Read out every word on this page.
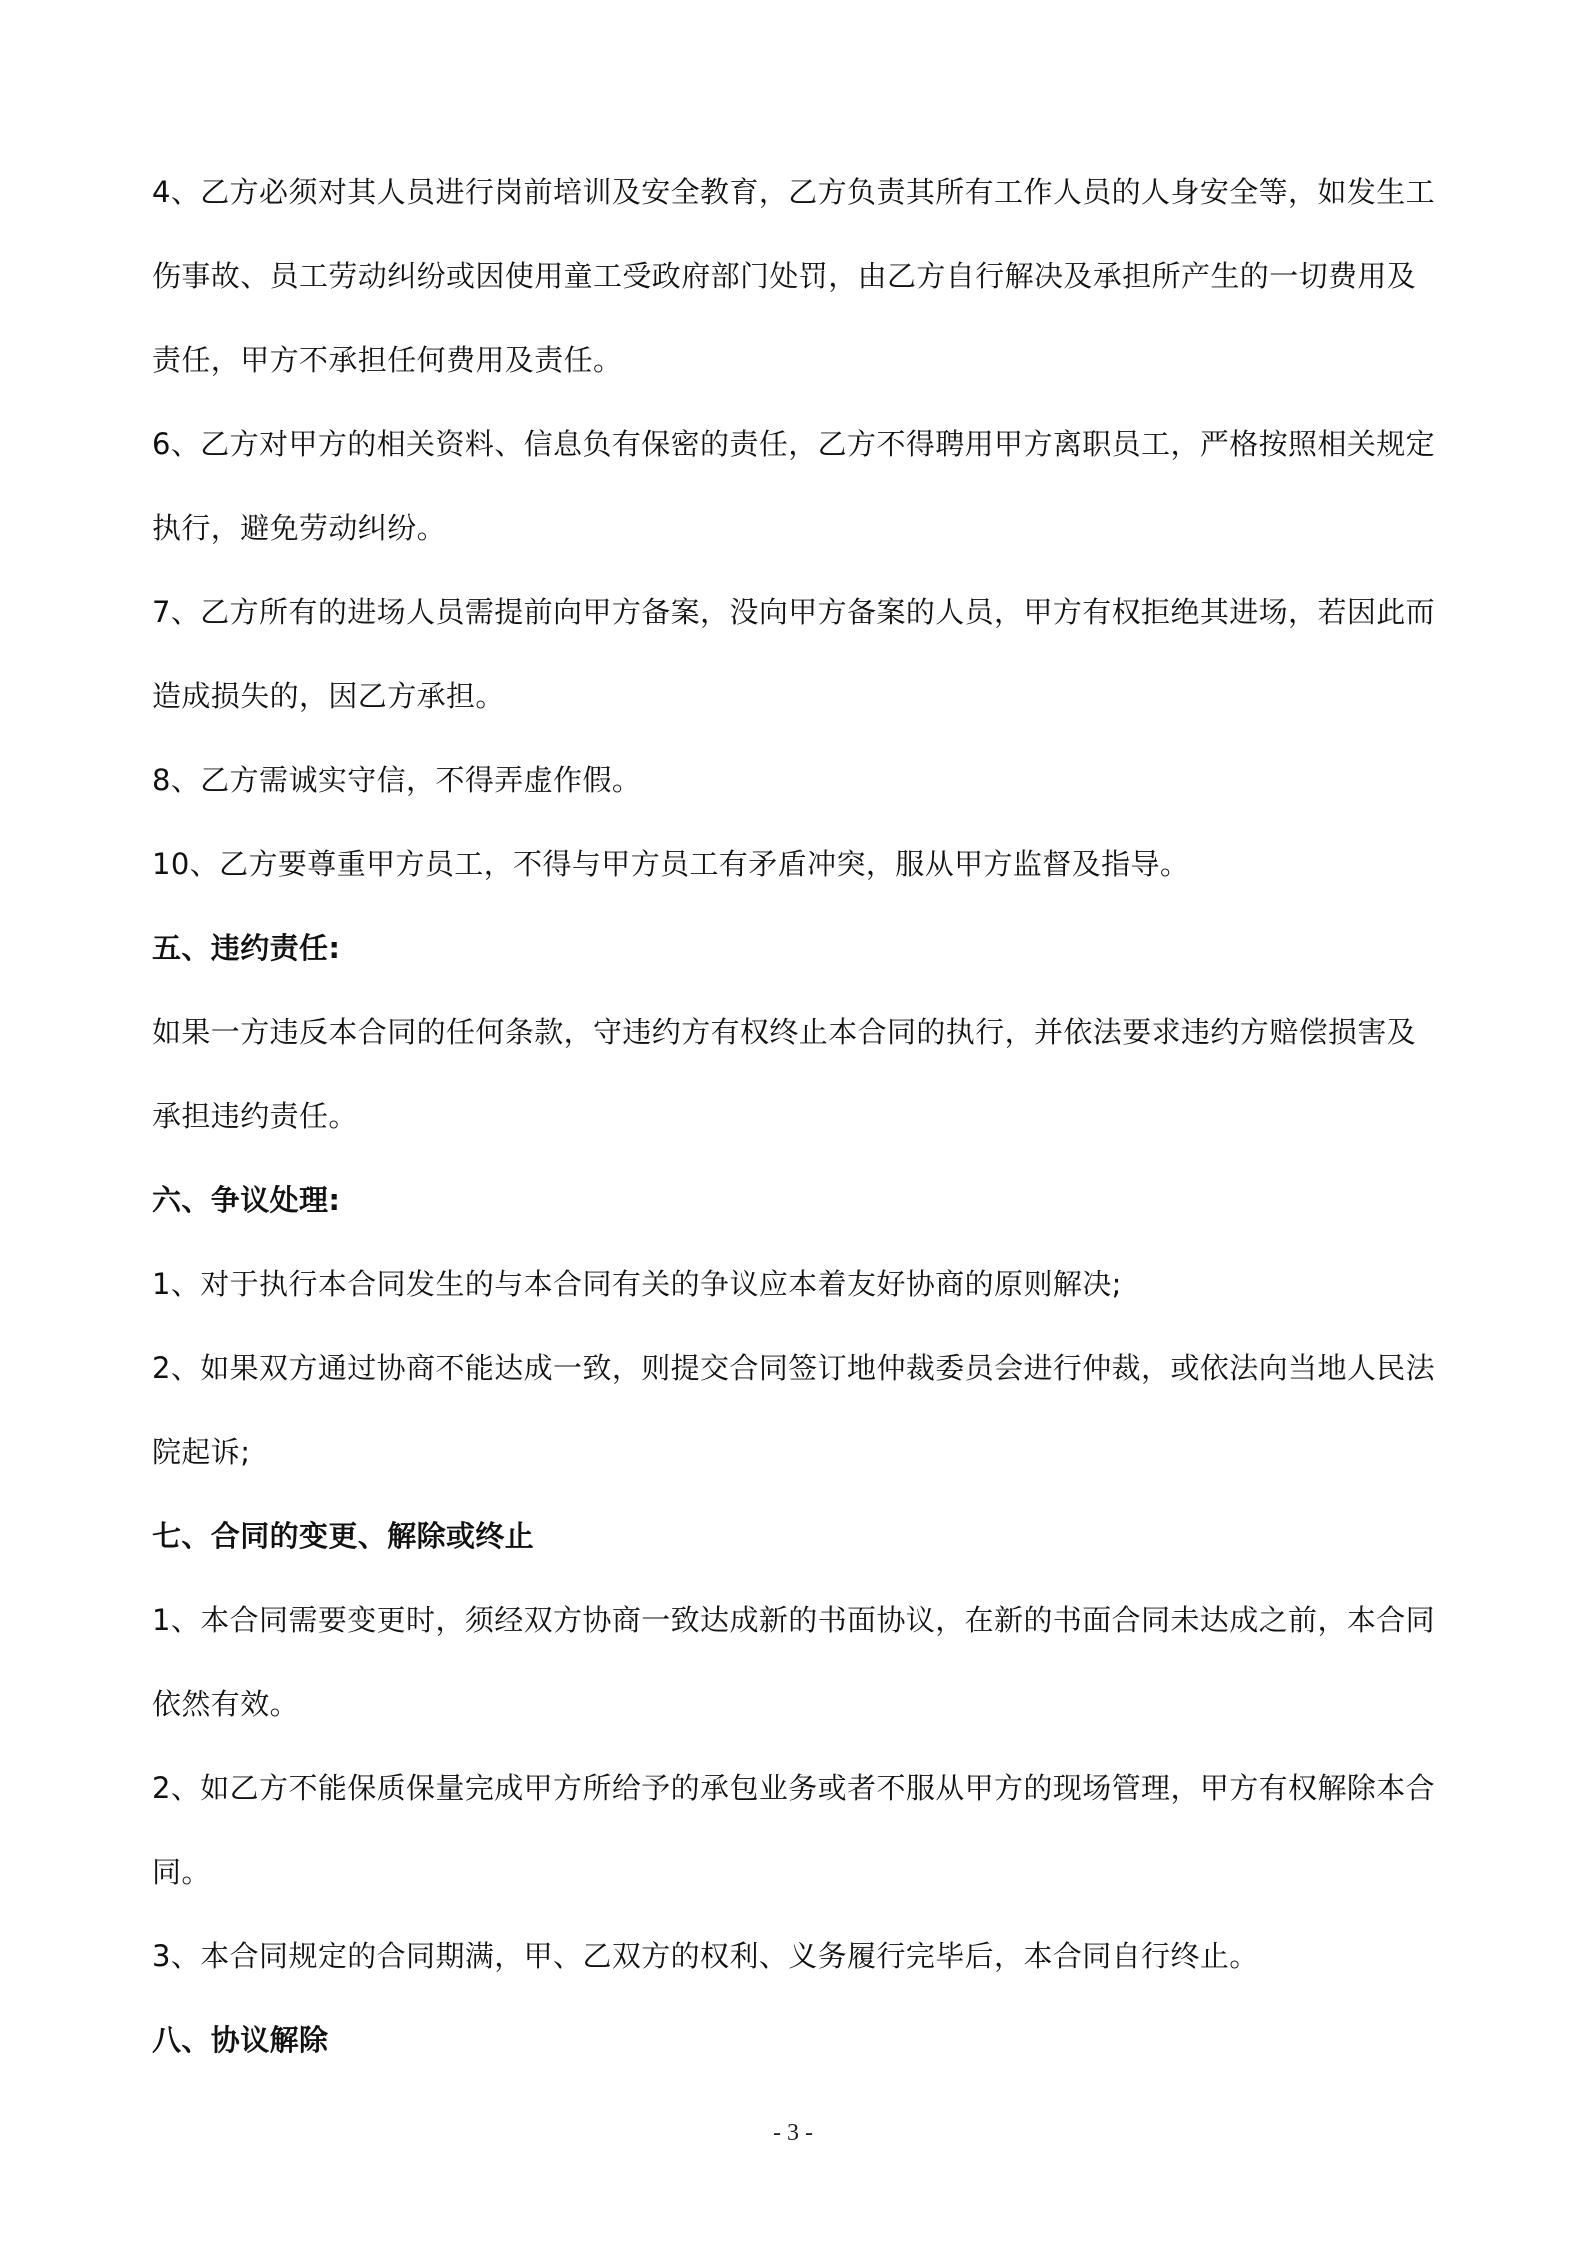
4、乙方必须对其人员进行岗前培训及安全教育，乙方负责其所有工作人员的人身安全等，如发生工伤事故、员工劳动纠纷或因使用童工受政府部门处罚，由乙方自行解决及承担所产生的一切费用及责任，甲方不承担任何费用及责任。

6、乙方对甲方的相关资料、信息负有保密的责任，乙方不得聘用甲方离职员工，严格按照相关规定执行，避免劳动纠纷。

7、乙方所有的进场人员需提前向甲方备案，没向甲方备案的人员，甲方有权拒绝其进场，若因此而造成损失的，因乙方承担。

8、乙方需诚实守信，不得弄虚作假。

10、乙方要尊重甲方员工，不得与甲方员工有矛盾冲突，服从甲方监督及指导。

五、违约责任:

如果一方违反本合同的任何条款，守违约方有权终止本合同的执行，并依法要求违约方赔偿损害及承担违约责任。

六、争议处理:

1、对于执行本合同发生的与本合同有关的争议应本着友好协商的原则解决;

2、如果双方通过协商不能达成一致，则提交合同签订地仲裁委员会进行仲裁，或依法向当地人民法院起诉;

七、合同的变更、解除或终止

1、本合同需要变更时，须经双方协商一致达成新的书面协议，在新的书面合同未达成之前，本合同依然有效。

2、如乙方不能保质保量完成甲方所给予的承包业务或者不服从甲方的现场管理，甲方有权解除本合同。

3、本合同规定的合同期满，甲、乙双方的权利、义务履行完毕后，本合同自行终止。

八、协议解除

- 3 -
